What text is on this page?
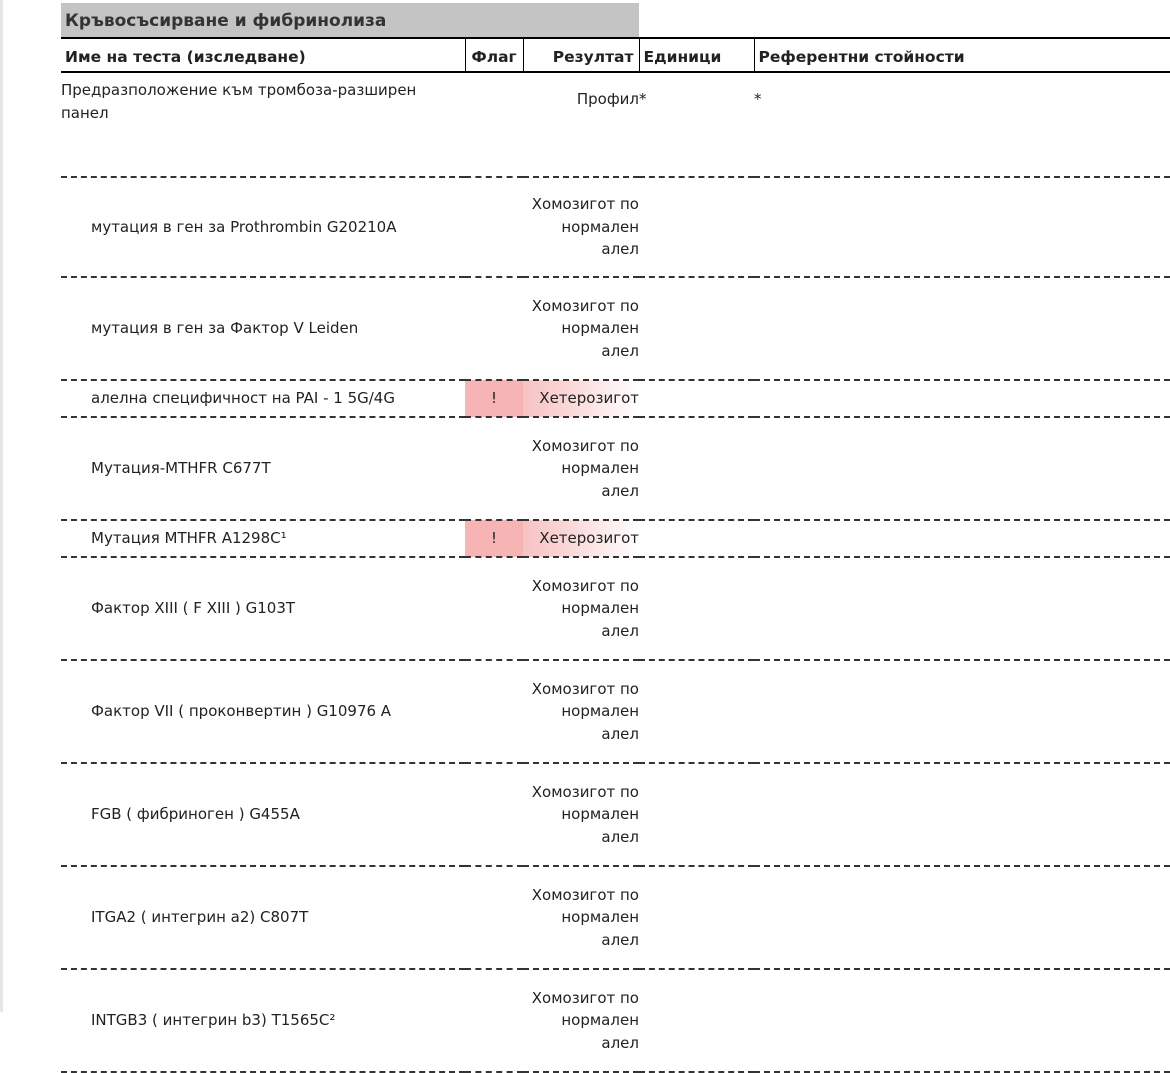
Кръвосъсирване и фибринолиза
Име на теста (изследване)	Флаг	Резултат	Единици	Референтни стойности
Предразположение към тромбоза-разширен панел		Профил	*	*
мутация в ген за Prothrombin G20210A		Хомозигот по нормален алел		
мутация в ген за Фактор V Leiden		Хомозигот по нормален алел		
алелна специфичност на PAI - 1 5G/4G	!	Хетерозигот		
Мутация-MTHFR C677T		Хомозигот по нормален алел		
Мутация MTHFR A1298C¹	!	Хетерозигот		
Фактор XIII ( F XIII ) G103T		Хомозигот по нормален алел		
Фактор VII ( проконвертин ) G10976 A		Хомозигот по нормален алел		
FGB ( фибриноген ) G455A		Хомозигот по нормален алел		
ITGA2 ( интегрин a2) C807T		Хомозигот по нормален алел		
INTGB3 ( интегрин b3) T1565C²		Хомозигот по нормален алел		
